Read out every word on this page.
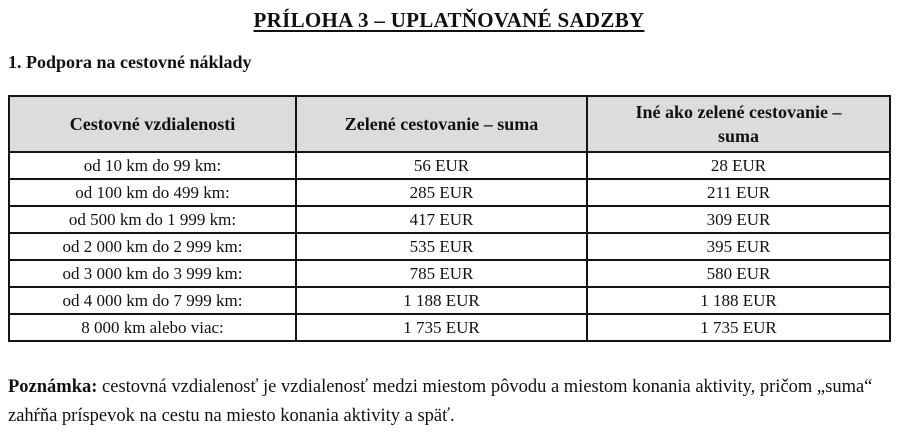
PRÍLOHA 3 – UPLATŇOVANÉ SADZBY
1. Podpora na cestovné náklady
Cestovné vzdialenosti	Zelené cestovanie – suma	Iné ako zelené cestovanie – suma
od 10 km do 99 km:	56 EUR	28 EUR
od 100 km do 499 km:	285 EUR	211 EUR
od 500 km do 1 999 km:	417 EUR	309 EUR
od 2 000 km do 2 999 km:	535 EUR	395 EUR
od 3 000 km do 3 999 km:	785 EUR	580 EUR
od 4 000 km do 7 999 km:	1 188 EUR	1 188 EUR
8 000 km alebo viac:	1 735 EUR	1 735 EUR

Poznámka: cestovná vzdialenosť je vzdialenosť medzi miestom pôvodu a miestom konania aktivity, pričom „suma“ zahŕňa príspevok na cestu na miesto konania aktivity a späť.
